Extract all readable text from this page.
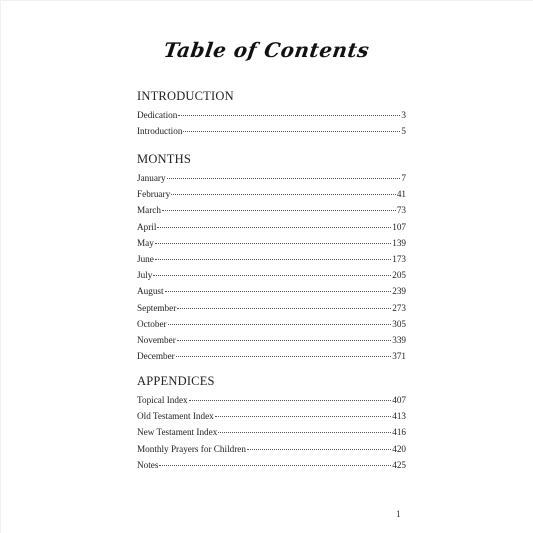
Table of Contents
INTRODUCTION
Dedication	3
Introduction	5
MONTHS
January	7
February	41
March	73
April	107
May	139
June	173
July	205
August	239
September	273
October	305
November	339
December	371
APPENDICES
Topical Index	407
Old Testament Index	413
New Testament Index	416
Monthly Prayers for Children	420
Notes	425
1
